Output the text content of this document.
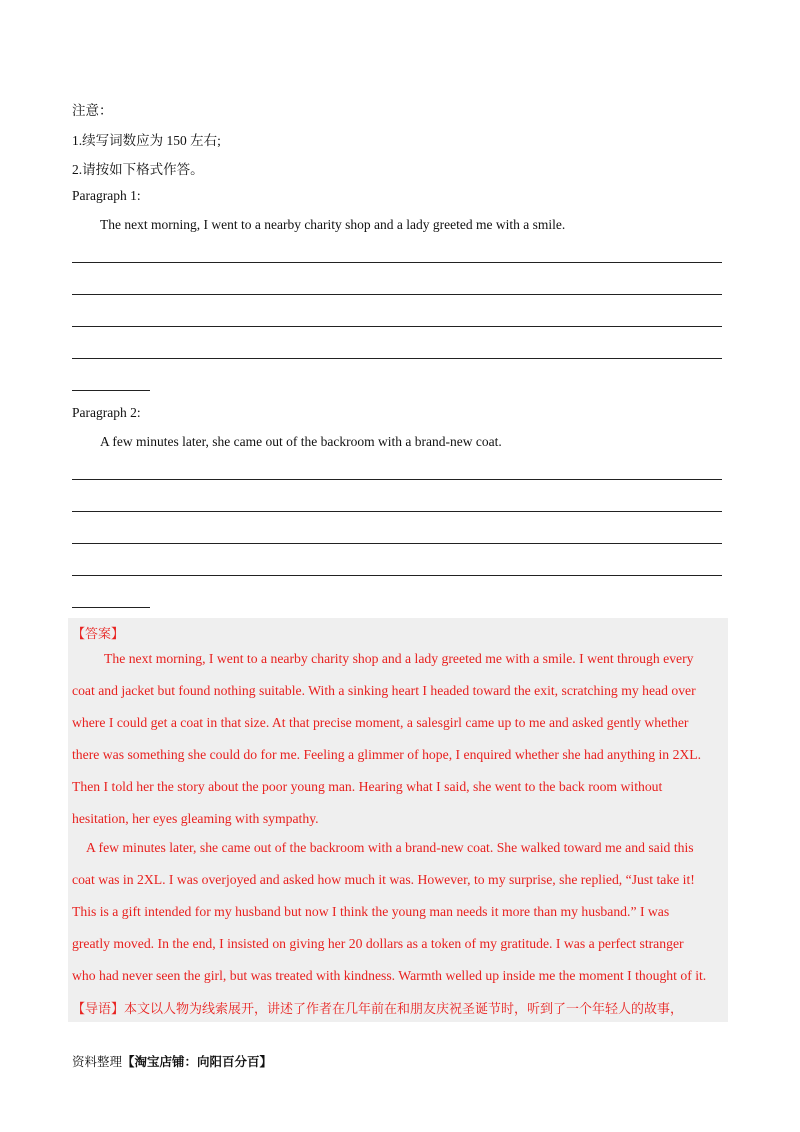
注意：
1.续写词数应为 150 左右;
2.请按如下格式作答。
Paragraph 1:
The next morning, I went to a nearby charity shop and a lady greeted me with a smile.
Paragraph 2:
A few minutes later, she came out of the backroom with a brand-new coat.
【答案】
The next morning, I went to a nearby charity shop and a lady greeted me with a smile. I went through every
coat and jacket but found nothing suitable. With a sinking heart I headed toward the exit, scratching my head over
where I could get a coat in that size. At that precise moment, a salesgirl came up to me and asked gently whether
there was something she could do for me. Feeling a glimmer of hope, I enquired whether she had anything in 2XL.
Then I told her the story about the poor young man. Hearing what I said, she went to the back room without
hesitation, her eyes gleaming with sympathy.
A few minutes later, she came out of the backroom with a brand-new coat. She walked toward me and said this
coat was in 2XL. I was overjoyed and asked how much it was. However, to my surprise, she replied, “Just take it!
This is a gift intended for my husband but now I think the young man needs it more than my husband.” I was
greatly moved. In the end, I insisted on giving her 20 dollars as a token of my gratitude. I was a perfect stranger
who had never seen the girl, but was treated with kindness. Warmth welled up inside me the moment I thought of it.
【导语】本文以人物为线索展开，讲述了作者在几年前在和朋友庆祝圣诞节时，听到了一个年轻人的故事，
资料整理【淘宝店铺：向阳百分百】
